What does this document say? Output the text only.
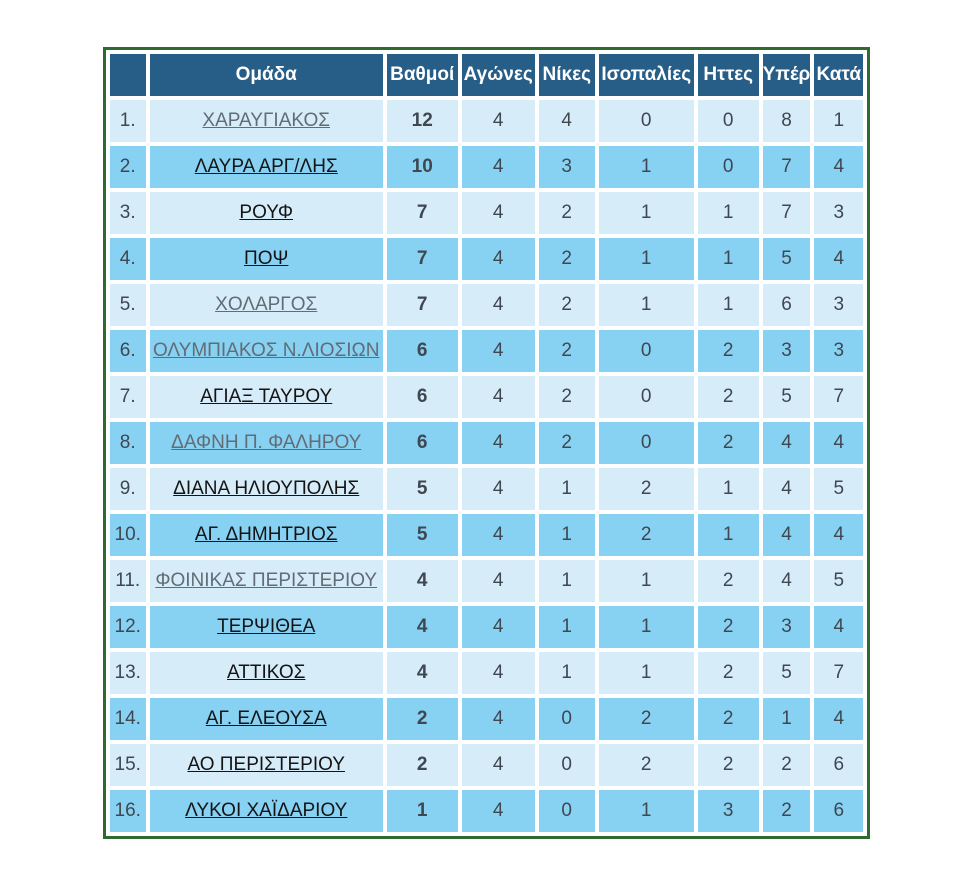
	Ομάδα	Βαθμοί	Αγώνες	Νίκες	Ισοπαλίες	Ηττες	Υπέρ	Κατά
1.	ΧΑΡΑΥΓΙΑΚΟΣ	12	4	4	0	0	8	1
2.	ΛΑΥΡΑ ΑΡΓ/ΛΗΣ	10	4	3	1	0	7	4
3.	ΡΟΥΦ	7	4	2	1	1	7	3
4.	ΠΟΨ	7	4	2	1	1	5	4
5.	ΧΟΛΑΡΓΟΣ	7	4	2	1	1	6	3
6.	ΟΛΥΜΠΙΑΚΟΣ Ν.ΛΙΟΣΙΩΝ	6	4	2	0	2	3	3
7.	ΑΓΙΑΞ ΤΑΥΡΟΥ	6	4	2	0	2	5	7
8.	ΔΑΦΝΗ Π. ΦΑΛΗΡΟΥ	6	4	2	0	2	4	4
9.	ΔΙΑΝΑ ΗΛΙΟΥΠΟΛΗΣ	5	4	1	2	1	4	5
10.	ΑΓ. ΔΗΜΗΤΡΙΟΣ	5	4	1	2	1	4	4
11.	ΦΟΙΝΙΚΑΣ ΠΕΡΙΣΤΕΡΙΟΥ	4	4	1	1	2	4	5
12.	ΤΕΡΨΙΘΕΑ	4	4	1	1	2	3	4
13.	ΑΤΤΙΚΟΣ	4	4	1	1	2	5	7
14.	ΑΓ. ΕΛΕΟΥΣΑ	2	4	0	2	2	1	4
15.	ΑΟ ΠΕΡΙΣΤΕΡΙΟΥ	2	4	0	2	2	2	6
16.	ΛΥΚΟΙ ΧΑΪΔΑΡΙΟΥ	1	4	0	1	3	2	6
